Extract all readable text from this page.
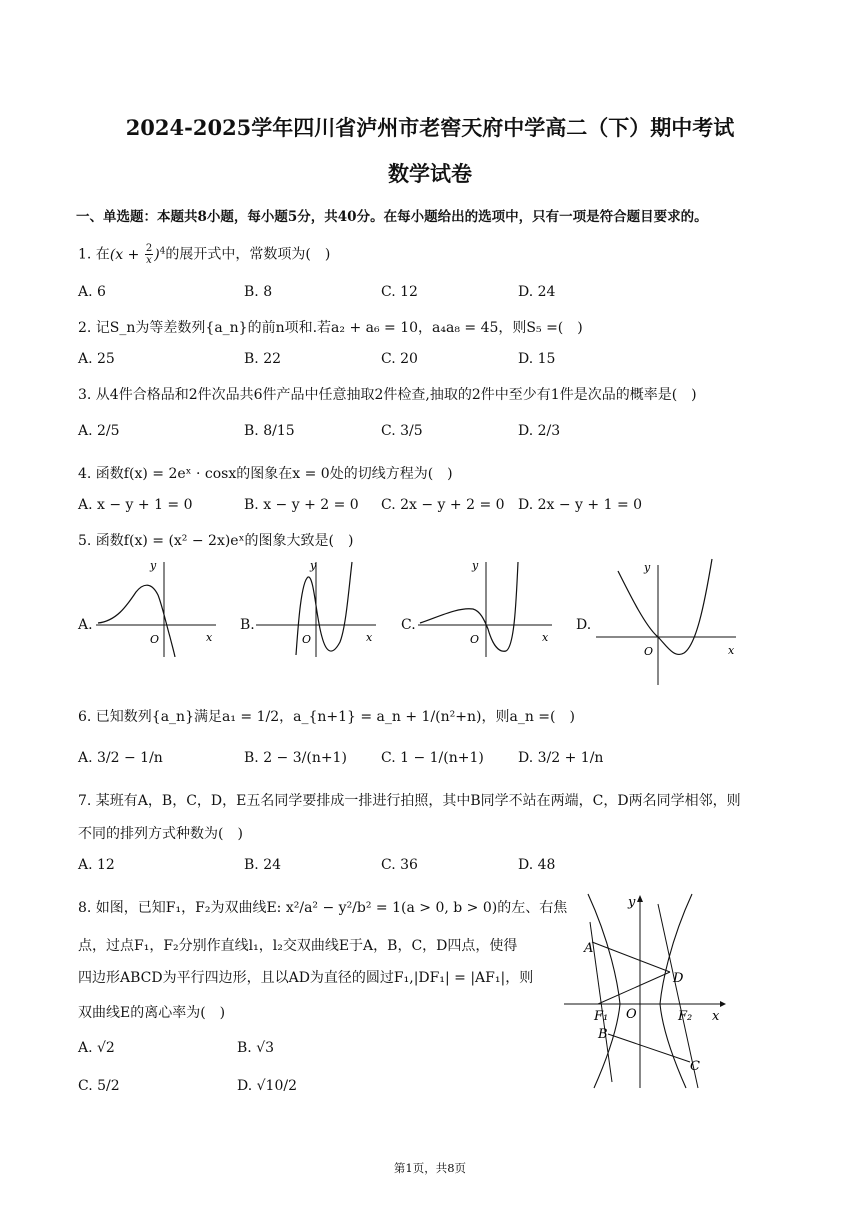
2024-2025学年四川省泸州市老窖天府中学高二（下）期中考试
数学试卷
一、单选题：本题共8小题，每小题5分，共40分。在每小题给出的选项中，只有一项是符合题目要求的。
1. 在$(x + \frac{2}{x} )^4$的展开式中，常数项为(　)
A. 6	B. 8	C. 12	D. 24
2. 记S_n为等差数列{a_n}的前n项和.若a₂ + a₆ = 10，a₄a₈ = 45，则S₅ =(　)
A. 25	B. 22	C. 20	D. 15
3. 从4件合格品和2件次品共6件产品中任意抽取2件检查,抽取的2件中至少有1件是次品的概率是(　)
A. 2/5	B. 8/15	C. 3/5	D. 2/3
4. 函数f(x) = 2eˣ · cosx的图象在x = 0处的切线方程为(　)
A. x − y + 1 = 0	B. x − y + 2 = 0 C. 2x − y + 2 = 0 D. 2x − y + 1 = 0
5. 函数f(x) = (x² − 2x)eˣ的图象大致是(　)
A.	B.	C.	D.
O	x
y
O	x
y
O	x
y
O	x
y
6. 已知数列{a_n}满足a₁ = 1/2，a_{n+1} = a_n + 1/(n²+n)，则a_n =(　)
A. 3/2 − 1/n	B. 2 − 3/(n+1) C. 1 − 1/(n+1) D. 3/2 + 1/n
7. 某班有A，B，C，D，E五名同学要排成一排进行拍照，其中B同学不站在两端，C，D两名同学相邻，则
不同的排列方式种数为(　)
A. 12	B. 24	C. 36	D. 48
8. 如图，已知F₁，F₂为双曲线E: x²/a² − y²/b² = 1(a > 0, b > 0)的左、右焦
点，过点F₁，F₂分别作直线l₁，l₂交双曲线E于A，B，C，D四点，使得
四边形ABCD为平行四边形，且以AD为直径的圆过F₁,|DF₁| = |AF₁|，则
双曲线E的离心率为(　)
A. √2	B. √3
C. 5/2	D. √10/2
A
B
C
D
F₁	F₂
O	x
y
第1页，共8页
